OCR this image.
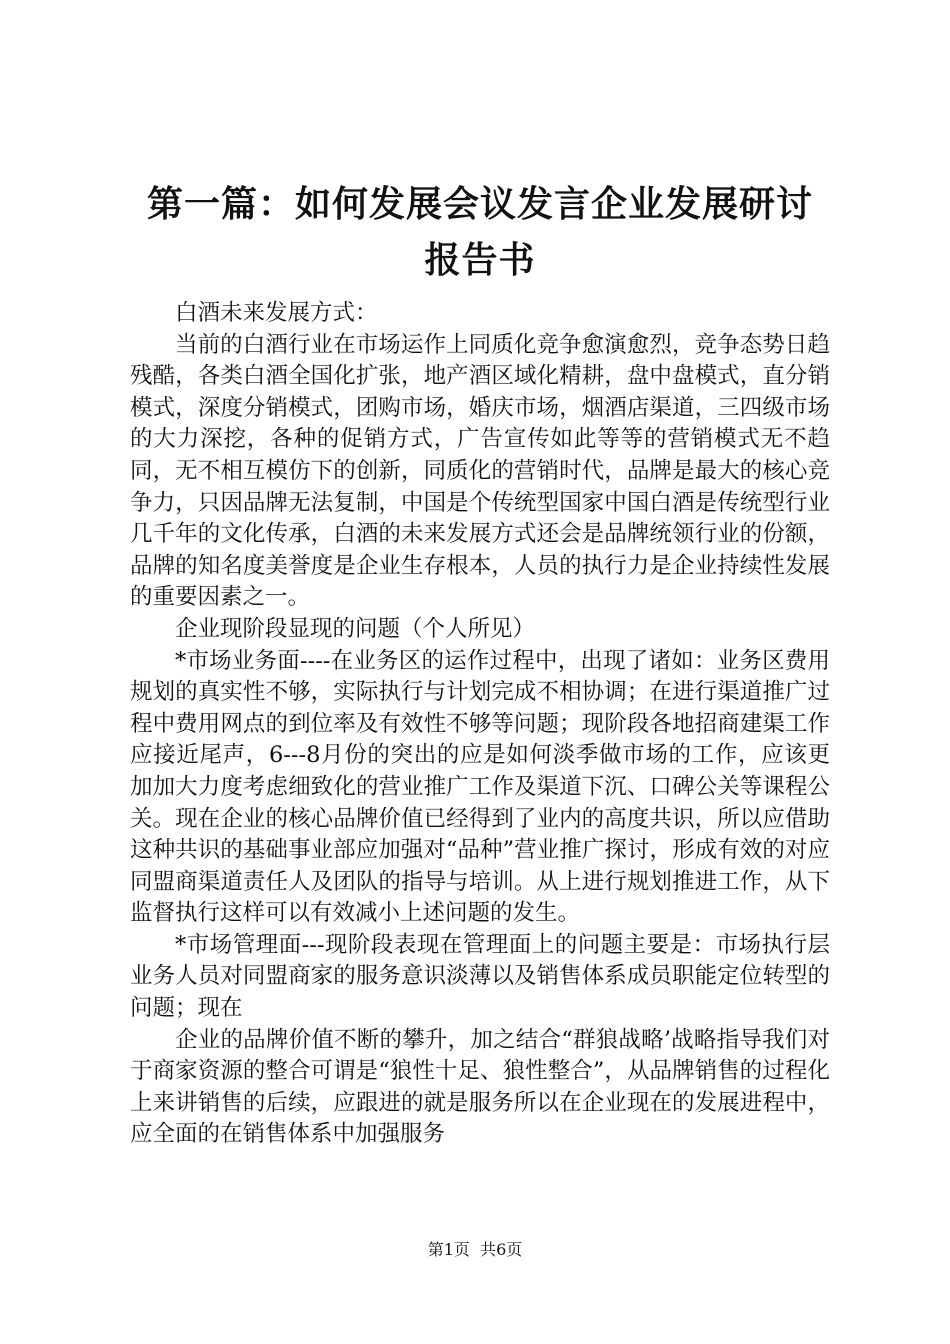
第一篇：如何发展会议发言企业发展研讨报告书

白酒未来发展方式：

当前的白酒行业在市场运作上同质化竞争愈演愈烈，竞争态势日趋残酷，各类白酒全国化扩张，地产酒区域化精耕，盘中盘模式，直分销模式，深度分销模式，团购市场，婚庆市场，烟酒店渠道，三四级市场的大力深挖，各种的促销方式，广告宣传如此等等的营销模式无不趋同，无不相互模仿下的创新，同质化的营销时代，品牌是最大的核心竞争力，只因品牌无法复制，中国是个传统型国家中国白酒是传统型行业几千年的文化传承，白酒的未来发展方式还会是品牌统领行业的份额，品牌的知名度美誉度是企业生存根本，人员的执行力是企业持续性发展的重要因素之一。

企业现阶段显现的问题（个人所见）

*市场业务面----在业务区的运作过程中，出现了诸如：业务区费用规划的真实性不够，实际执行与计划完成不相协调；在进行渠道推广过程中费用网点的到位率及有效性不够等问题；现阶段各地招商建渠工作应接近尾声，6---8月份的突出的应是如何淡季做市场的工作，应该更加加大力度考虑细致化的营业推广工作及渠道下沉、口碑公关等课程公关。现在企业的核心品牌价值已经得到了业内的高度共识，所以应借助这种共识的基础事业部应加强对“品种”营业推广探讨，形成有效的对应同盟商渠道责任人及团队的指导与培训。从上进行规划推进工作，从下监督执行这样可以有效减小上述问题的发生。

*市场管理面---现阶段表现在管理面上的问题主要是：市场执行层业务人员对同盟商家的服务意识淡薄以及销售体系成员职能定位转型的问题；现在

企业的品牌价值不断的攀升，加之结合“群狼战略’战略指导我们对于商家资源的整合可谓是“狼性十足、狼性整合”，从品牌销售的过程化上来讲销售的后续，应跟进的就是服务所以在企业现在的发展进程中，应全面的在销售体系中加强服务

第1页  共6页
